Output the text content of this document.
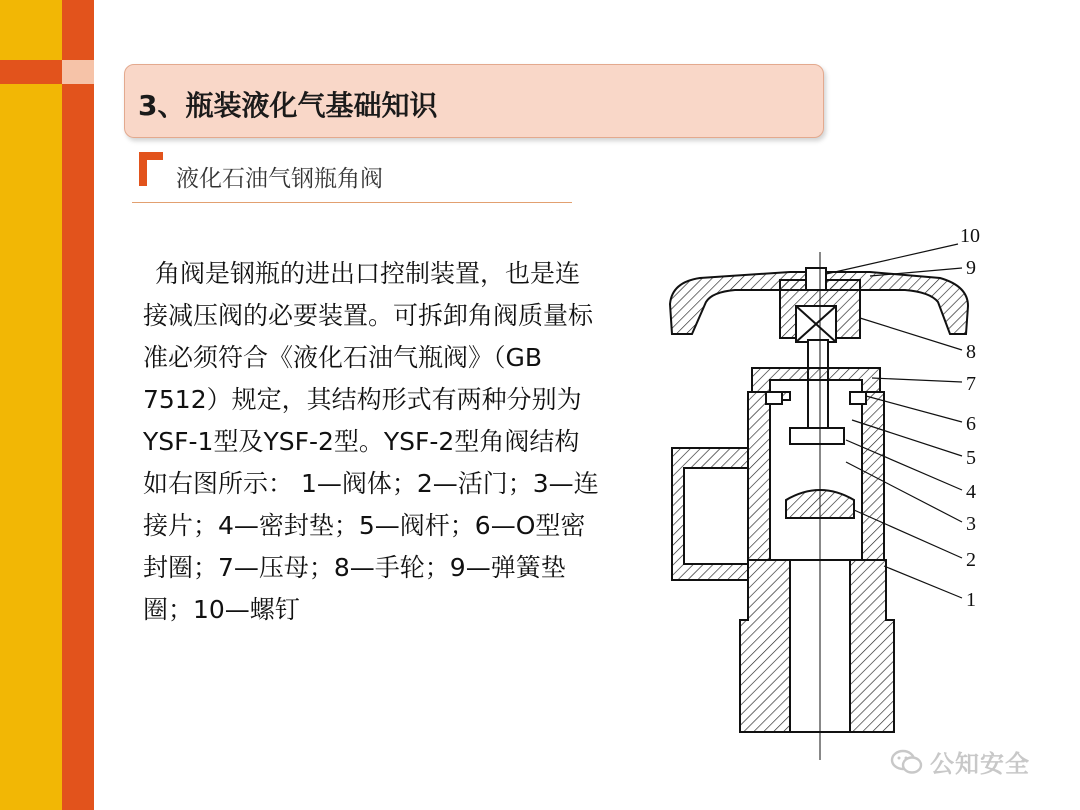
3、瓶装液化气基础知识
液化石油气钢瓶角阀
角阀是钢瓶的进出口控制装置，也是连接减压阀的必要装置。可拆卸角阀质量标准必须符合《液化石油气瓶阀》（GB 7512）规定，其结构形式有两种分别为YSF-1型及YSF-2型。YSF-2型角阀结构如右图所示： 1—阀体；2—活门；3—连接片；4—密封垫；5—阀杆；6—O型密封圈；7—压母；8—手轮；9—弹簧垫圈；10—螺钉
10
9
8
7
6
5
4
3
2
1
公知安全
